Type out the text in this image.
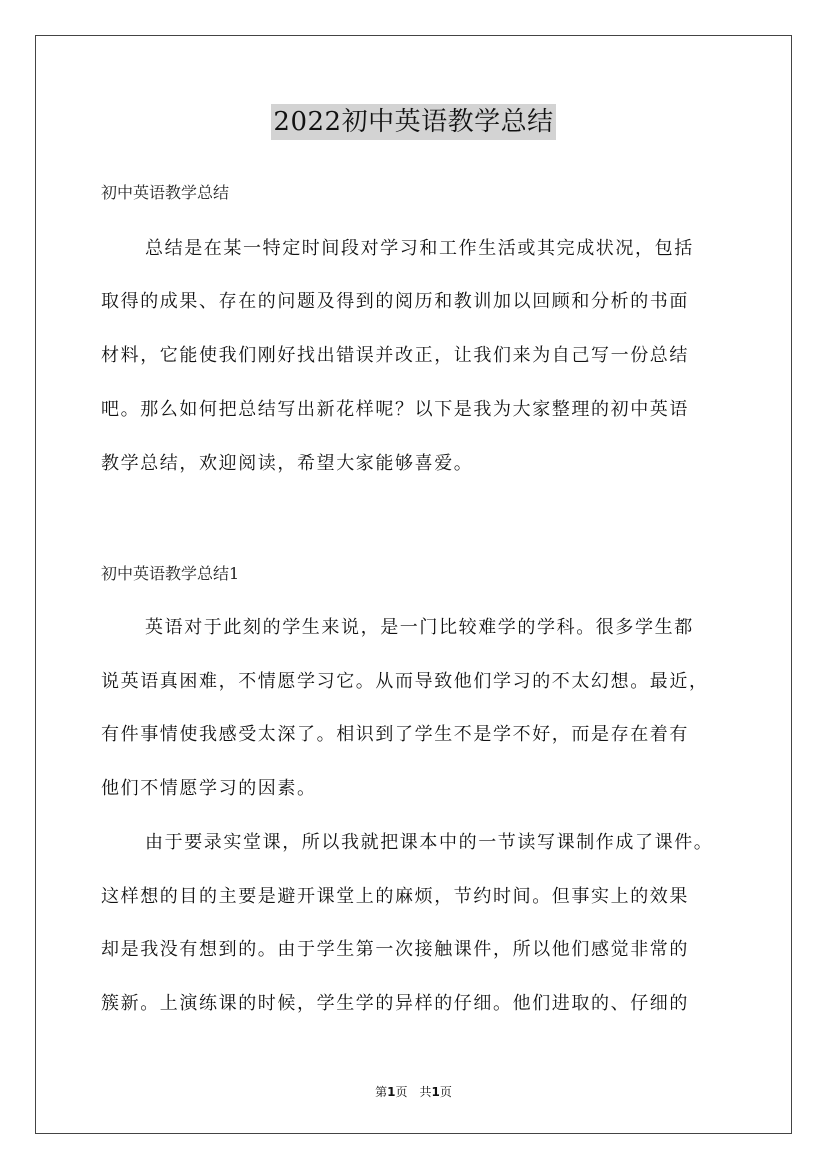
2022初中英语教学总结
初中英语教学总结
总结是在某一特定时间段对学习和工作生活或其完成状况，包括
取得的成果、存在的问题及得到的阅历和教训加以回顾和分析的书面
材料，它能使我们刚好找出错误并改正，让我们来为自己写一份总结
吧。那么如何把总结写出新花样呢？以下是我为大家整理的初中英语
教学总结，欢迎阅读，希望大家能够喜爱。
初中英语教学总结1
英语对于此刻的学生来说，是一门比较难学的学科。很多学生都
说英语真困难，不情愿学习它。从而导致他们学习的不太幻想。最近，
有件事情使我感受太深了。相识到了学生不是学不好，而是存在着有
他们不情愿学习的因素。
由于要录实堂课，所以我就把课本中的一节读写课制作成了课件。
这样想的目的主要是避开课堂上的麻烦，节约时间。但事实上的效果
却是我没有想到的。由于学生第一次接触课件，所以他们感觉非常的
簇新。上演练课的时候，学生学的异样的仔细。他们进取的、仔细的
第1页　共1页
